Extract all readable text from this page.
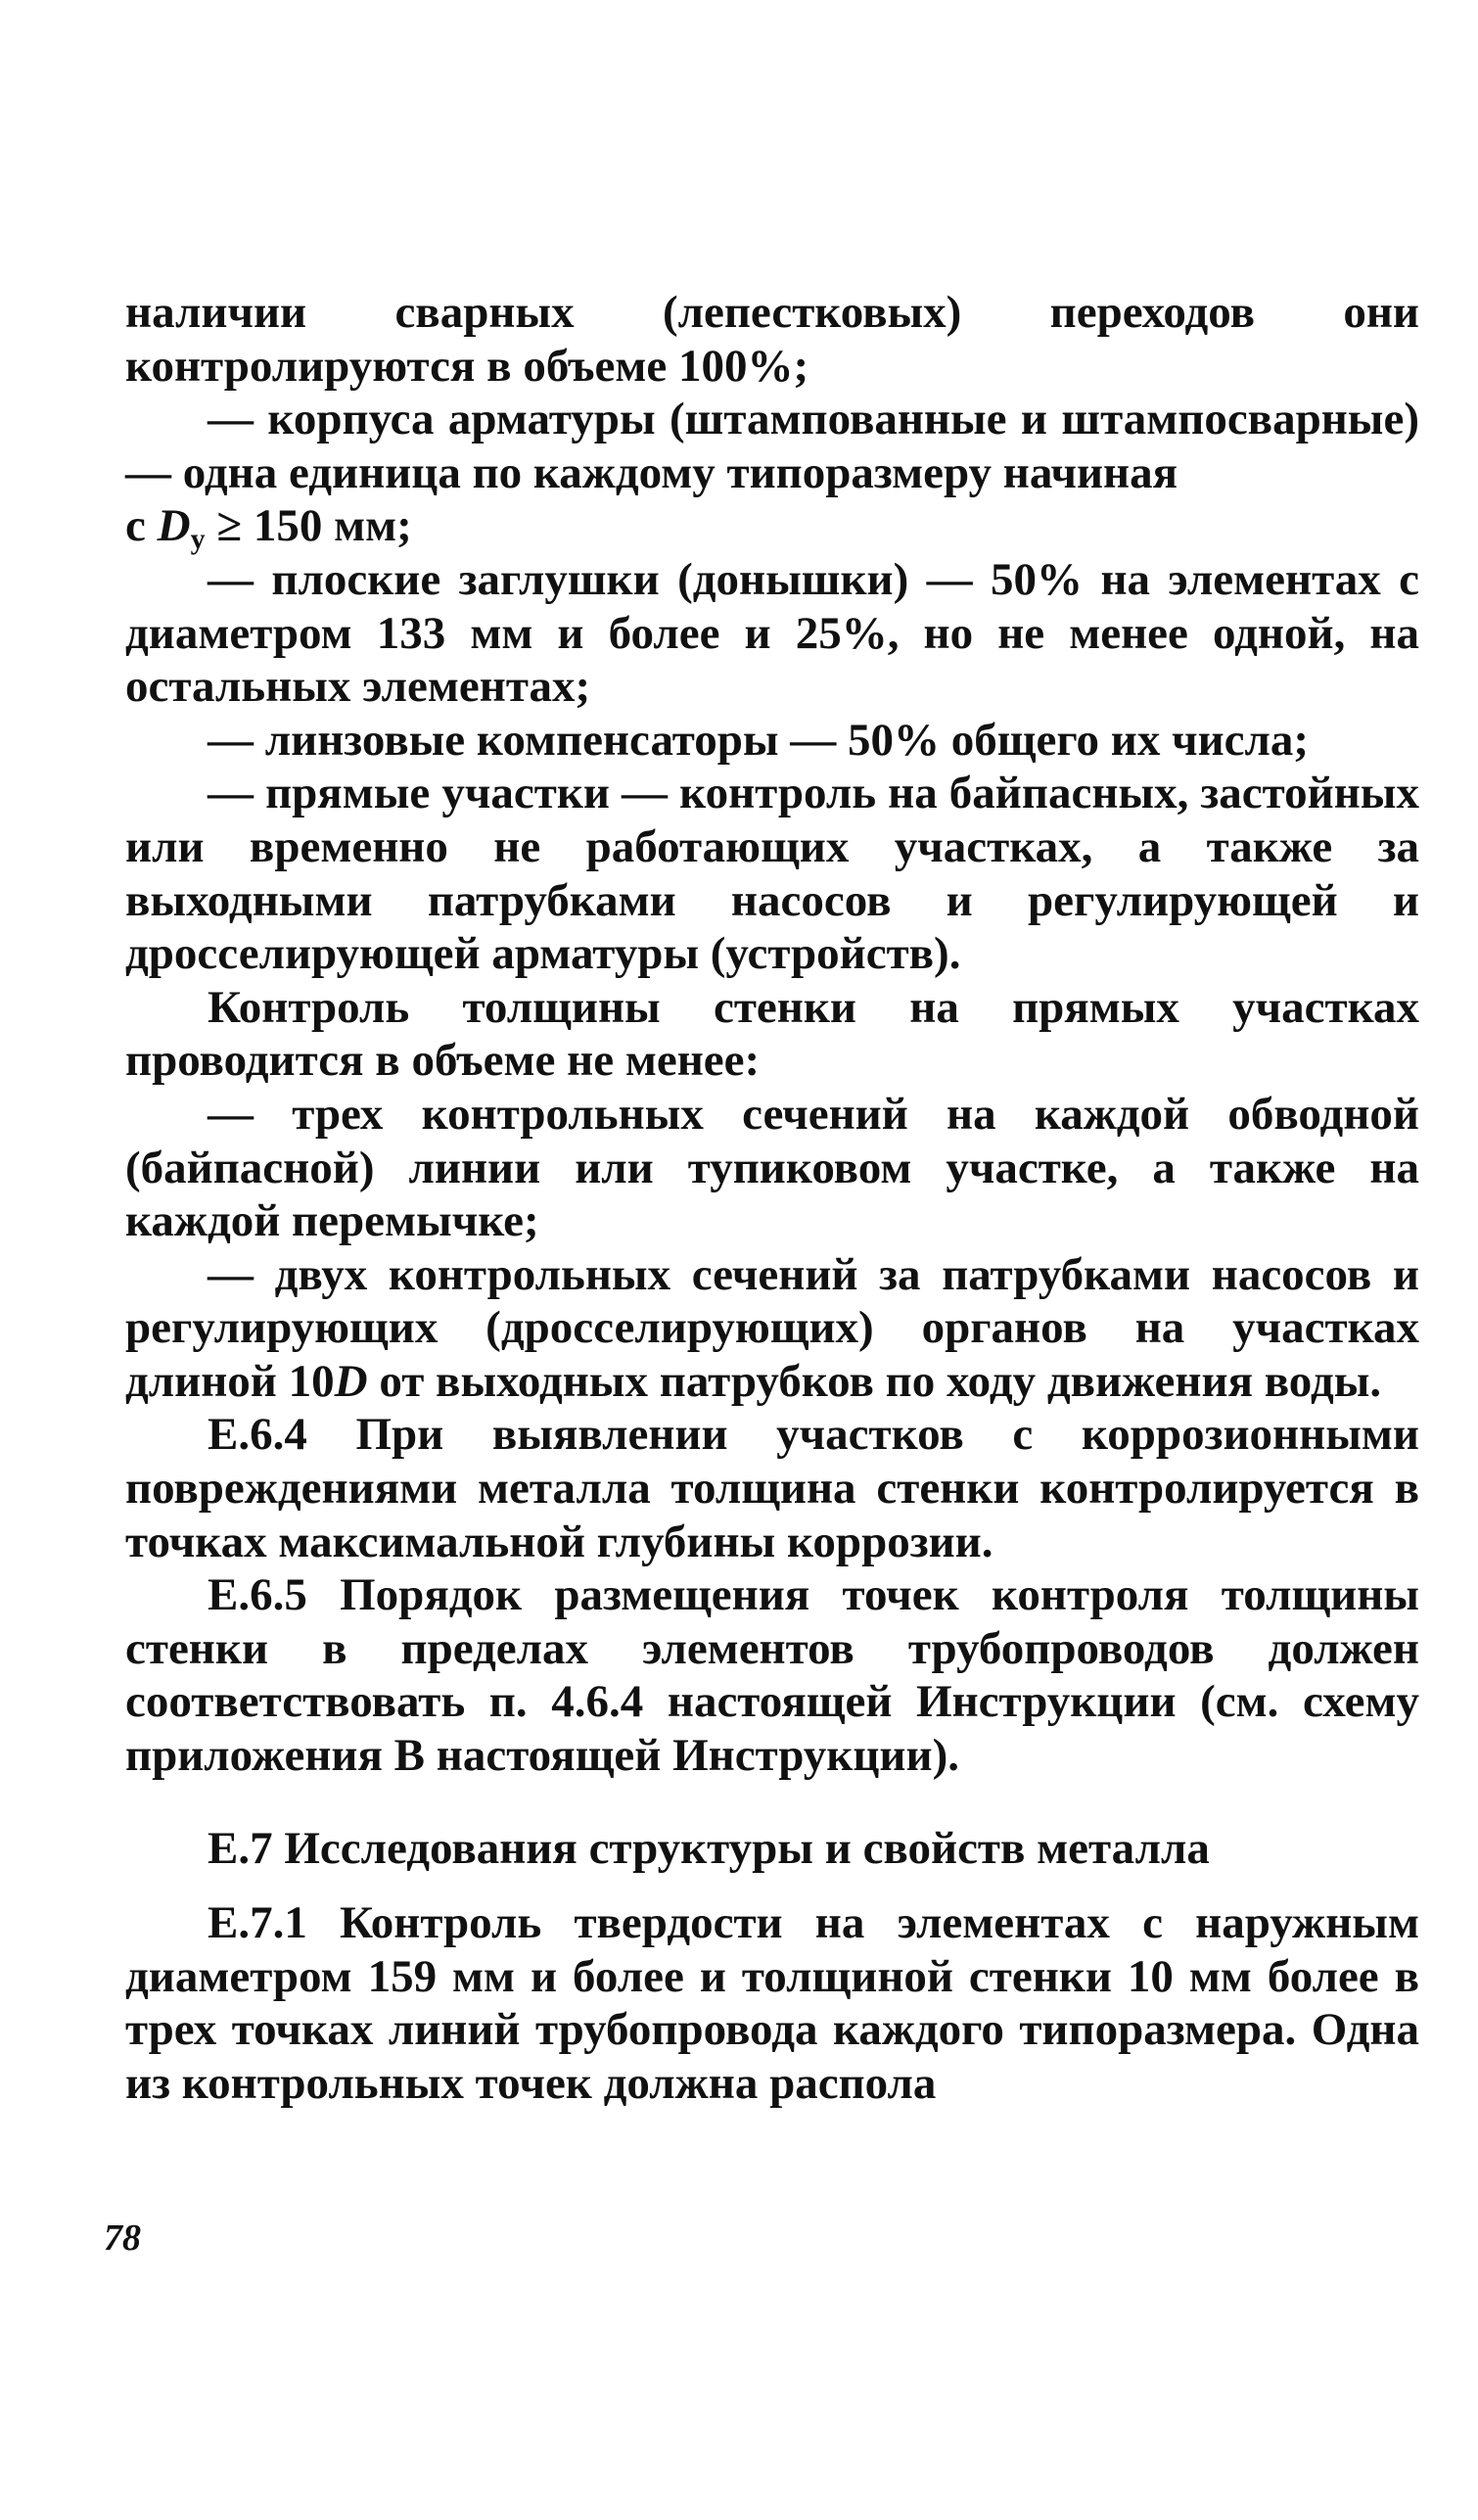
наличии сварных (лепестковых) переходов они контролируются в объеме 100%;

— корпуса арматуры (штампованные и штампосварные) — одна единица по каждому типоразмеру начиная
с $D_у \ge 150$ мм;

— плоские заглушки (донышки) — 50% на элементах с диаметром 133 мм и более и 25%, но не менее одной, на остальных элементах;

— линзовые компенсаторы — 50% общего их числа;

— прямые участки — контроль на байпасных, застойных или временно не работающих участках, а также за выходными патрубками насосов и регулирующей и дросселирующей арматуры (устройств).

Контроль толщины стенки на прямых участках проводится в объеме не менее:

— трех контрольных сечений на каждой обводной (байпасной) линии или тупиковом участке, а также на каждой перемычке;

— двух контрольных сечений за патрубками насосов и регулирующих (дросселирующих) органов на участках длиной 10D от выходных патрубков по ходу движения воды.

Е.6.4 При выявлении участков с коррозионными повреждениями металла толщина стенки контролируется в точках максимальной глубины коррозии.

Е.6.5 Порядок размещения точек контроля толщины стенки в пределах элементов трубопроводов должен соответствовать п. 4.6.4 настоящей Инструкции (см. схему приложения В настоящей Инструкции).

Е.7 Исследования структуры и свойств металла

Е.7.1 Контроль твердости на элементах с наружным диаметром 159 мм и более и толщиной стенки 10 мм более в трех точках линий трубопровода каждого типоразмера. Одна из контрольных точек должна распола

78
